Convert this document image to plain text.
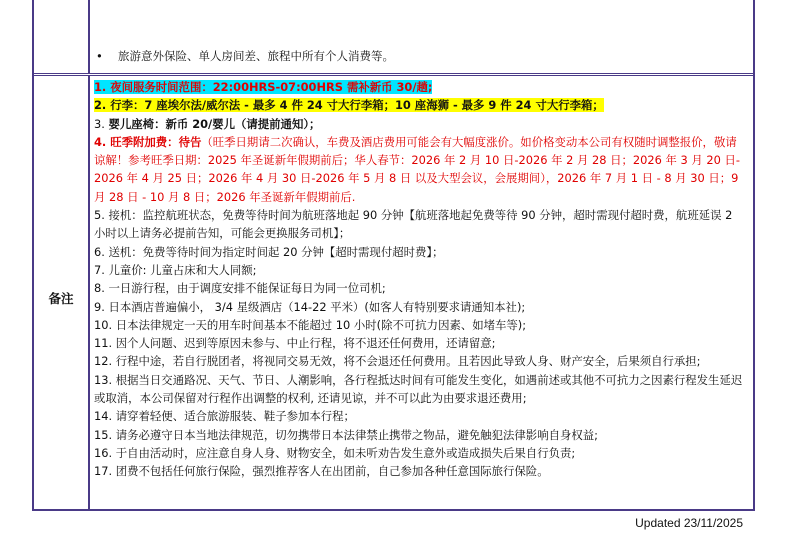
• 旅游意外保险、单人房间差、旅程中所有个人消费等。
备注

1. 夜间服务时间范围：22:00HRS-07:00HRS 需补新币 30/趟;

2. 行李：7 座埃尔法/威尔法 - 最多 4 件 24 寸大行李箱；10 座海狮 - 最多 9 件 24 寸大行李箱；

3. 婴儿座椅：新币 20/婴儿（请提前通知）；

4. 旺季附加费：待告（旺季日期请二次确认，车费及酒店费用可能会有大幅度涨价。如价格变动本公司有权随时调整报价，敬请谅解！参考旺季日期：2025 年圣诞新年假期前后；华人春节：2026 年 2 月 10 日-2026 年 2 月 28 日；2026 年 3 月 20 日-2026 年 4 月 25 日；2026 年 4 月 30 日-2026 年 5 月 8 日 以及大型会议，会展期间），2026 年 7 月 1 日 - 8 月 30 日；9 月 28 日 - 10 月 8 日；2026 年圣诞新年假期前后.

5. 接机：监控航班状态，免费等待时间为航班落地起 90 分钟【航班落地起免费等待 90 分钟，超时需现付超时费，航班延误 2 小时以上请务必提前告知，可能会更换服务司机】；

6. 送机：免费等待时间为指定时间起 20 分钟【超时需现付超时费】；

7. 儿童价: 儿童占床和大人同额;

8. 一日游行程，由于调度安排不能保证每日为同一位司机;

9. 日本酒店普遍偏小， 3/4 星级酒店（14-22 平米）(如客人有特别要求请通知本社);

10. 日本法律规定一天的用车时间基本不能超过 10 小时(除不可抗力因素、如堵车等);

11. 因个人问题、迟到等原因未参与、中止行程，将不退还任何费用，还请留意;

12. 行程中途，若自行脱团者，将视同交易无效，将不会退还任何费用。且若因此导致人身、财产安全，后果须自行承担;

13. 根据当日交通路况、天气、节日、人潮影响，各行程抵达时间有可能发生变化，如遇前述或其他不可抗力之因素行程发生延迟或取消，本公司保留对行程作出调整的权利, 还请见谅，并不可以此为由要求退还费用;

14. 请穿着轻便、适合旅游服装、鞋子参加本行程；

15. 请务必遵守日本当地法律规范，切勿携带日本法律禁止携带之物品，避免触犯法律影响自身权益;

16. 于自由活动时，应注意自身人身、财物安全，如未听劝告发生意外或造成损失后果自行负责;

17. 团费不包括任何旅行保险，强烈推荐客人在出团前，自己参加各种任意国际旅行保险。

Updated 23/11/2025
